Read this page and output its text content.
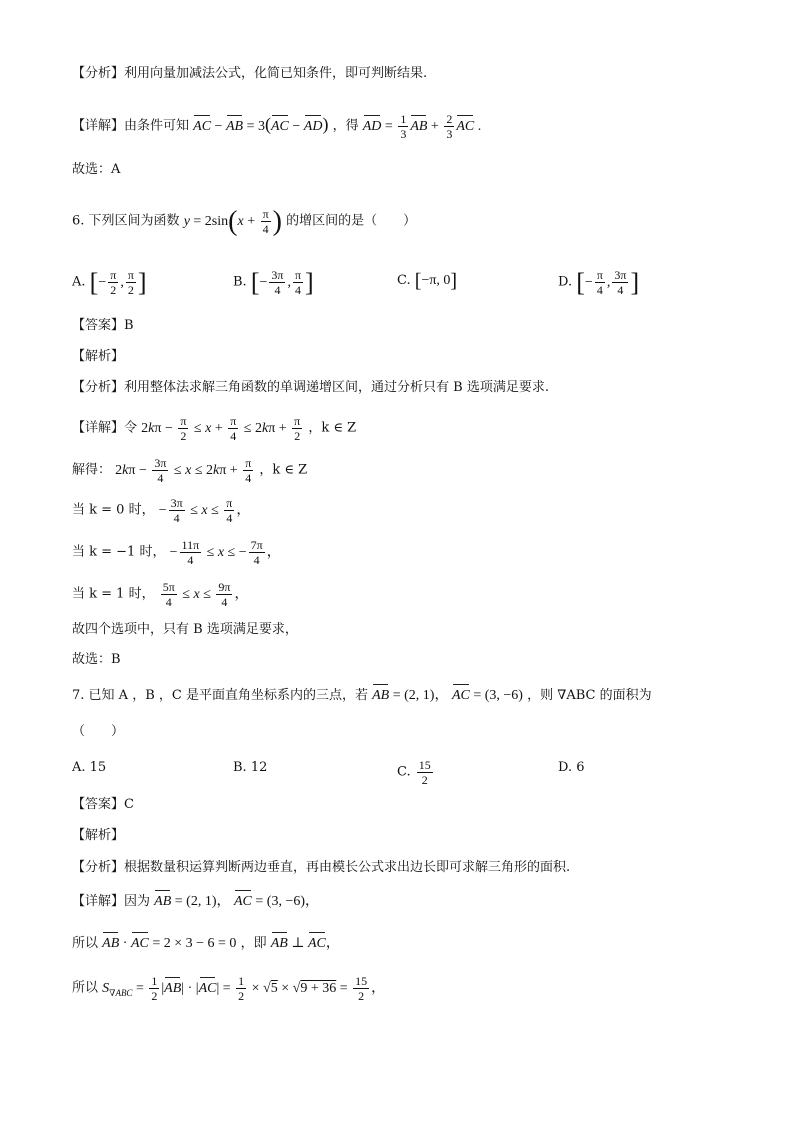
【分析】利用向量加减法公式，化简已知条件，即可判断结果.
【详解】由条件可知 AC − AB = 3(AC − AD) ，得 AD = $\frac{1}{3}$ AB + $\frac{2}{3}$ AC .
故选：A
6. 下列区间为函数 $y = 2\sin(x + \frac{\pi}{4}$ ) 的增区间的是（　　）
A. [− $\frac{\pi}{2}$ , $\frac{\pi}{2}$ ]	B. [− $\frac{3\pi}{4}$ , $\frac{\pi}{4}$ ]	C. [−π, 0]	D. [− $\frac{\pi}{4}$ , $\frac{3\pi}{4}$ ]
【答案】B
【解析】
【分析】利用整体法求解三角函数的单调递增区间，通过分析只有 B 选项满足要求.
【详解】令 $2k\pi - \frac{\pi}{2} \le x + \frac{\pi}{4} \le 2k\pi + \frac{\pi}{2}$ ，k ∈ Z
解得： $2k\pi - \frac{3\pi}{4} \le x \le 2k\pi + \frac{\pi}{4}$ ，k ∈ Z
当 k = 0 时， − $\frac{3\pi}{4} \le x \le \frac{\pi}{4}$ ，
当 k = −1 时， − $\frac{11\pi}{4} \le x$ ≤ − $\frac{7\pi}{4}$ ，
当 k = 1 时， $\frac{5\pi}{4} \le x \le \frac{9\pi}{4}$ ，
故四个选项中，只有 B 选项满足要求，
故选：B
7. 已知 A ，B ，C 是平面直角坐标系内的三点，若 AB = (2, 1)， AC = (3, −6) ，则 ∇ABC 的面积为
（　　）
A. 15	B. 12	C. $\frac{15}{2}$	D. 6
【答案】C
【解析】
【分析】根据数量积运算判断两边垂直，再由模长公式求出边长即可求解三角形的面积.
【详解】因为 AB = (2, 1)， AC = (3, −6)，
所以 AB · AC = 2 × 3 − 6 = 0 ，即 AB ⊥ AC，
所以 $S_{\nabla ABC} = \frac{1}{2} |AB| \cdot |AC| = \frac{1}{2} \times √5 \times √9 + 36 = \frac{15}{2}$ ，
